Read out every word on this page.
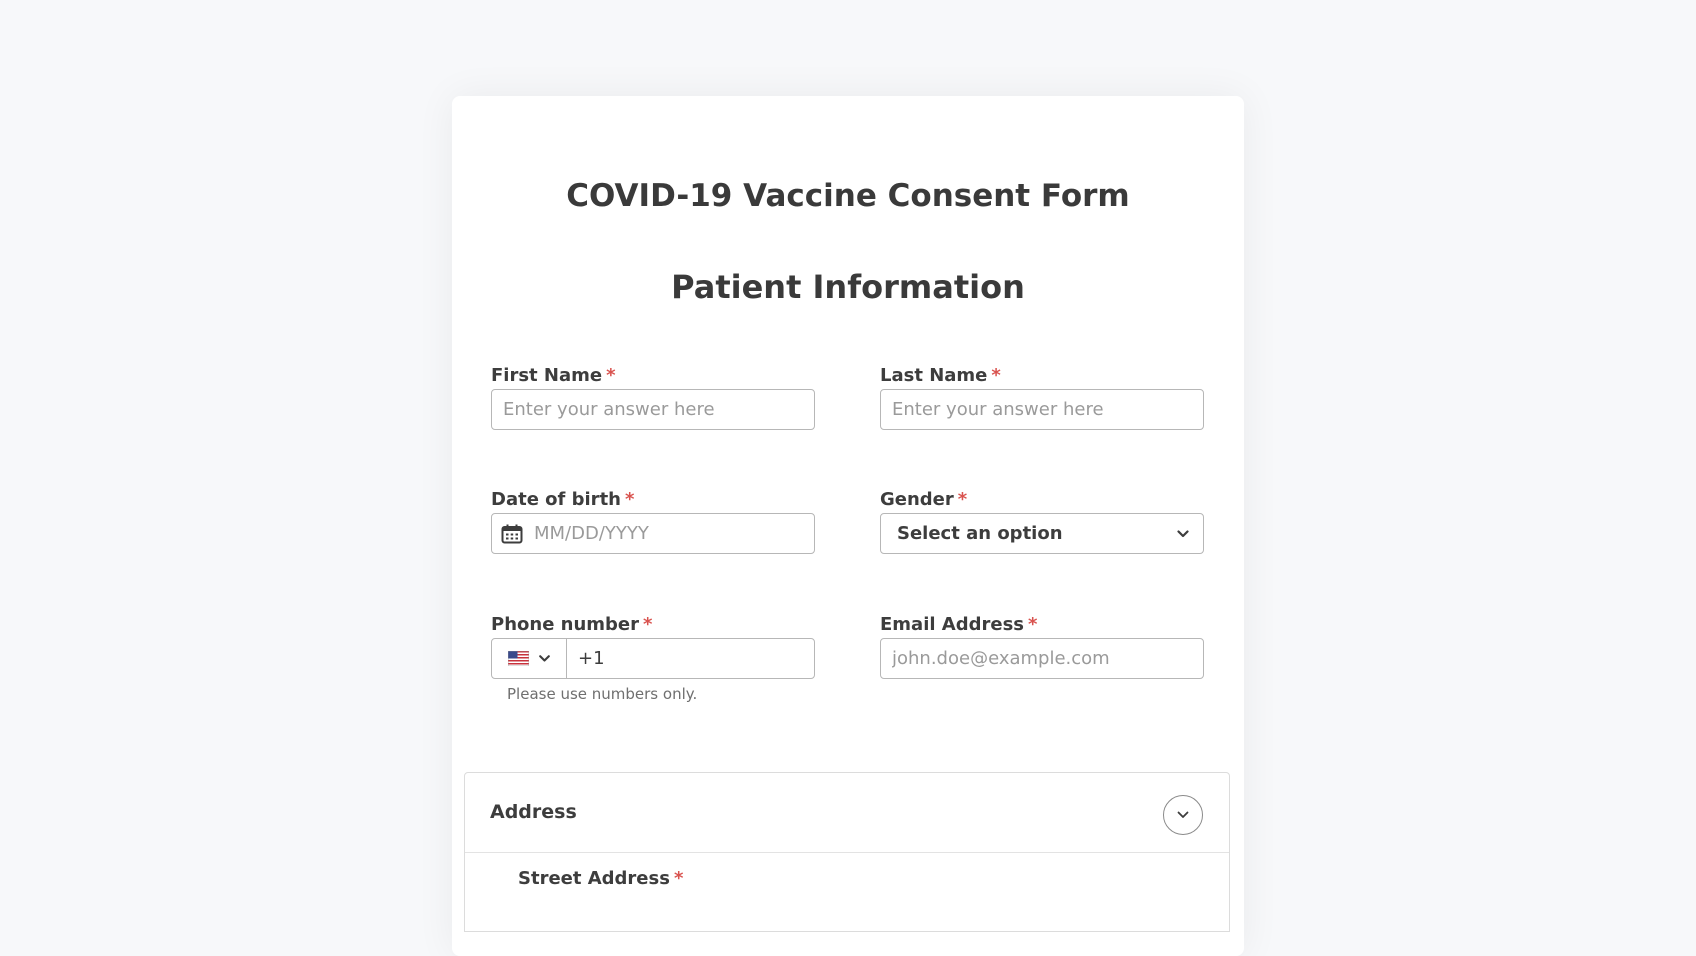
COVID-19 Vaccine Consent Form
Patient Information
First Name *
Enter your answer here	Last Name *
Enter your answer here
Date of birth *
MM/DD/YYYY	Gender *
Select an option
Phone number *
+1
Please use numbers only.
Email Address *
john.doe@example.com
Address
Street Address *
